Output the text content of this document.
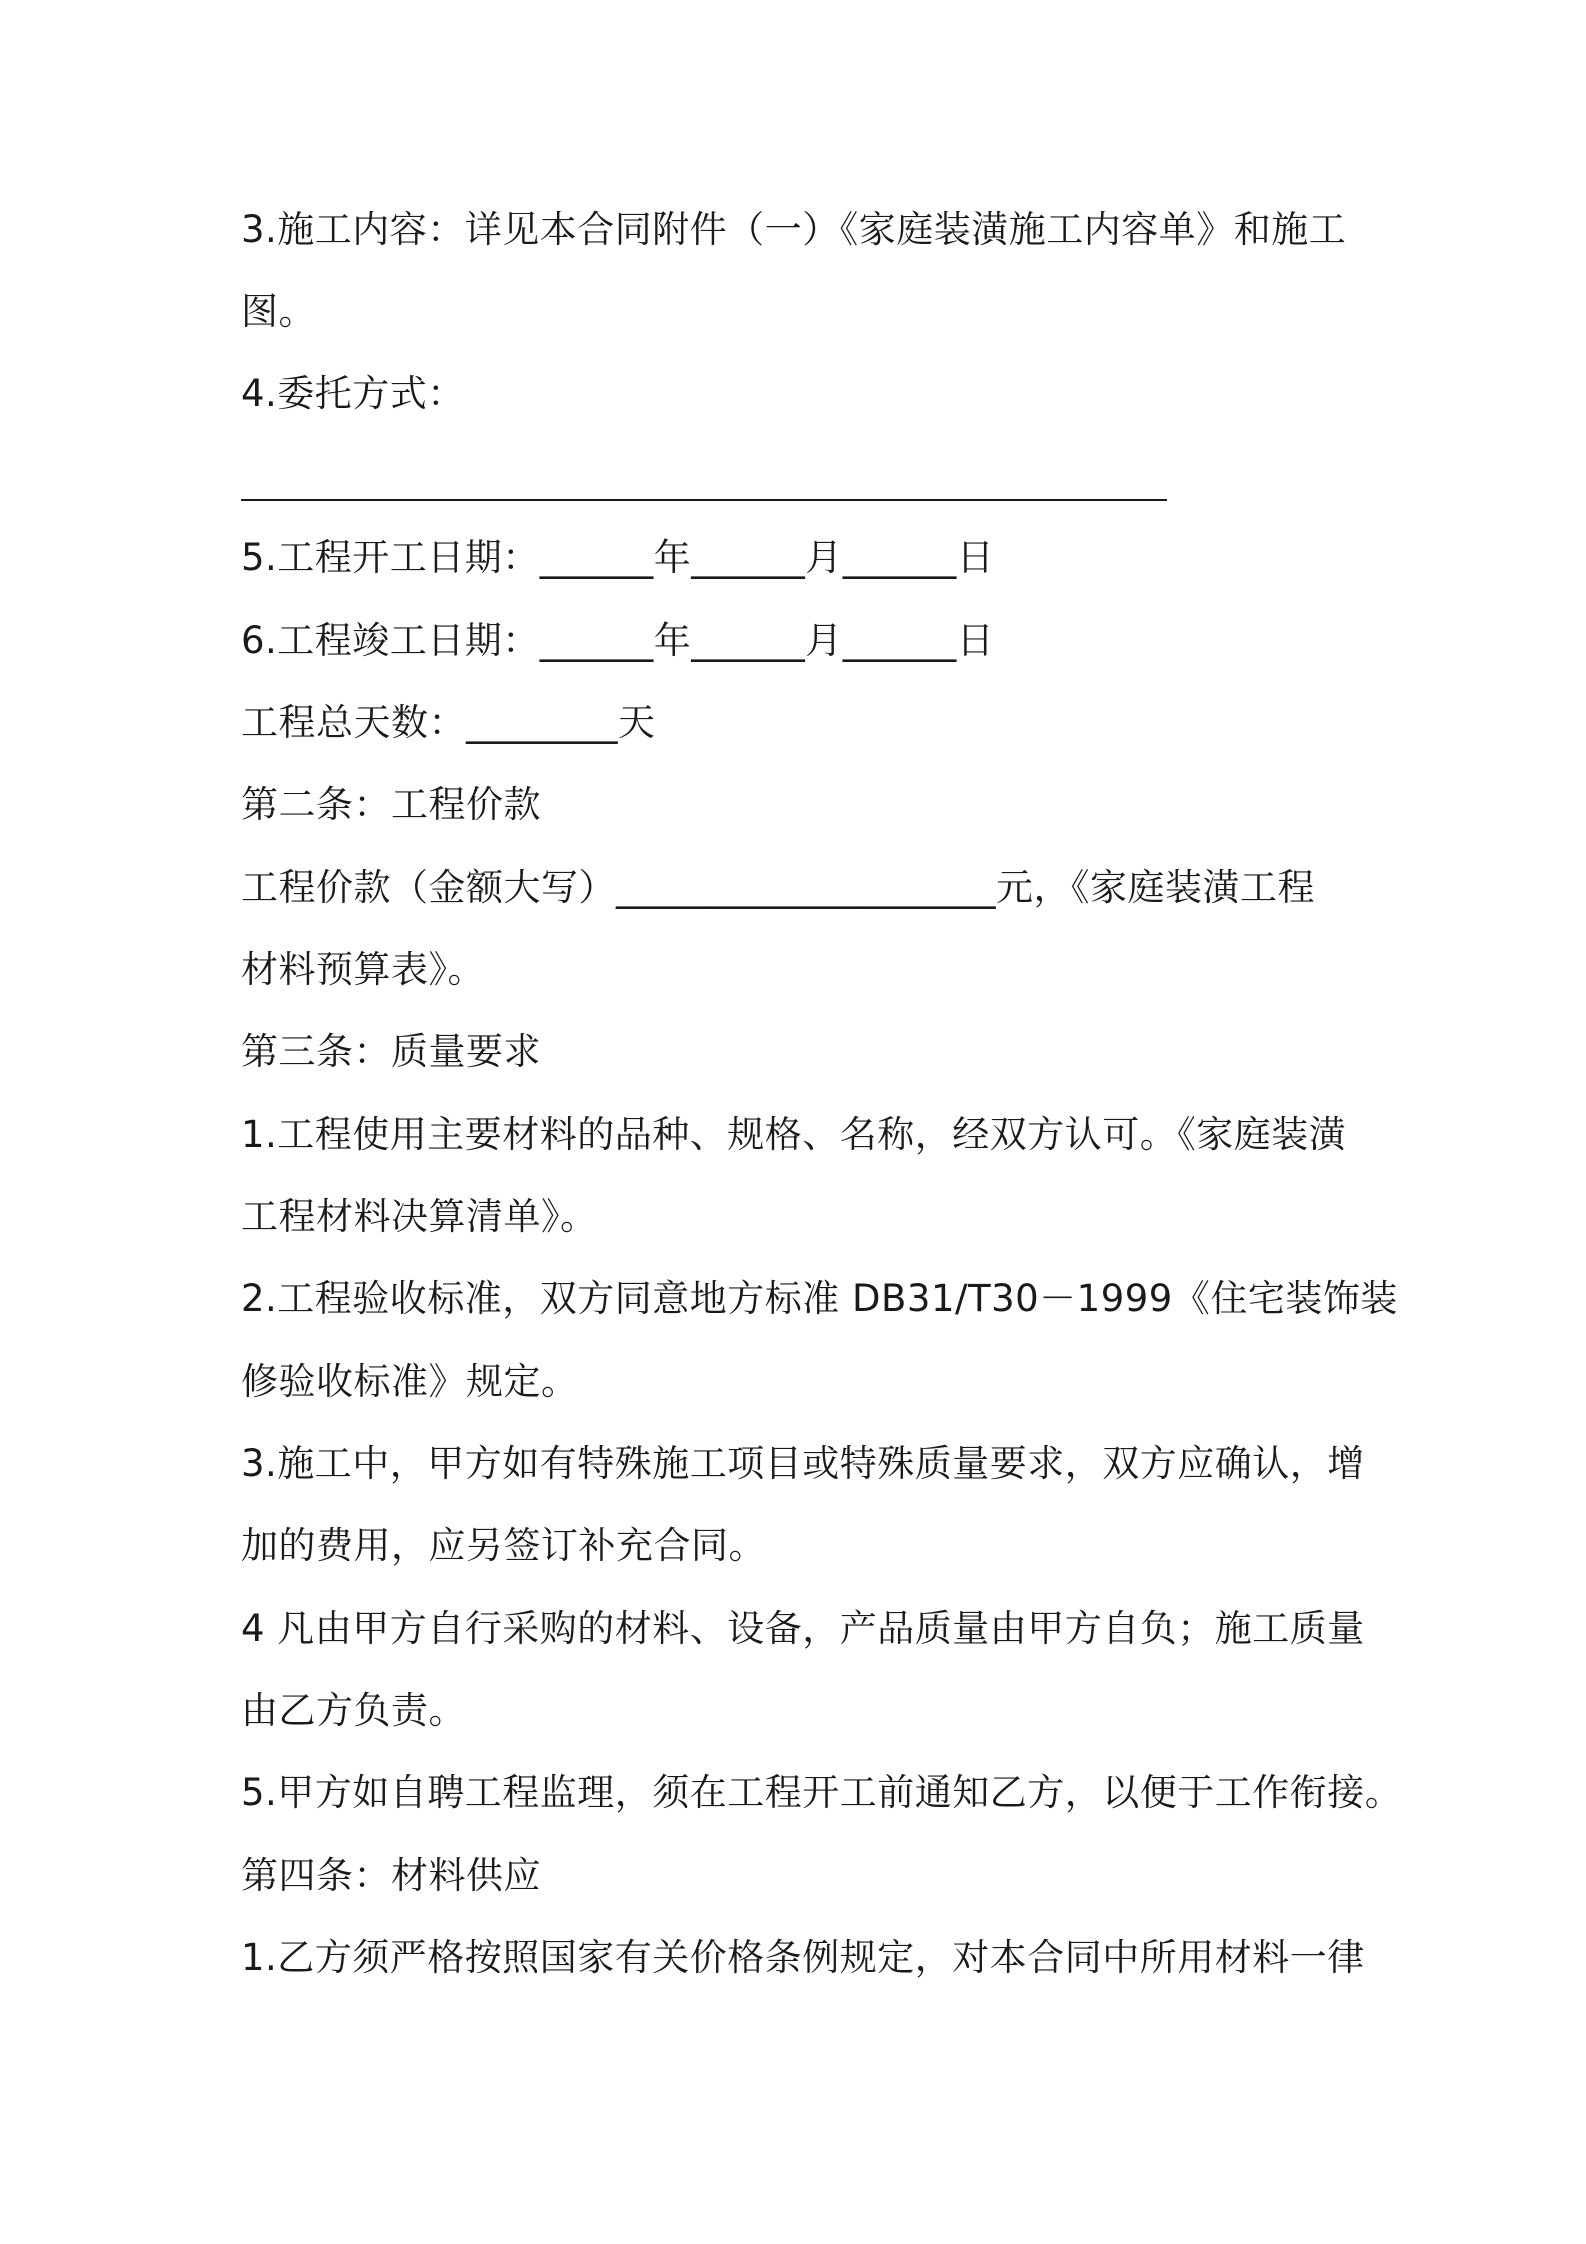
3.施工内容：详见本合同附件（一）《家庭装潢施工内容单》和施工
图。
4.委托方式：
5.工程开工日期：______年______月______日
6.工程竣工日期：______年______月______日
工程总天数：________天
第二条：工程价款
工程价款（金额大写）____________________元，《家庭装潢工程
材料预算表》。
第三条：质量要求
1.工程使用主要材料的品种、规格、名称，经双方认可。《家庭装潢
工程材料决算清单》。
2.工程验收标准，双方同意地方标准 DB31/T30－1999《住宅装饰装
修验收标准》规定。
3.施工中，甲方如有特殊施工项目或特殊质量要求，双方应确认，增
加的费用，应另签订补充合同。
4 凡由甲方自行采购的材料、设备，产品质量由甲方自负；施工质量
由乙方负责。
5.甲方如自聘工程监理，须在工程开工前通知乙方，以便于工作衔接。
第四条：材料供应
1.乙方须严格按照国家有关价格条例规定，对本合同中所用材料一律
